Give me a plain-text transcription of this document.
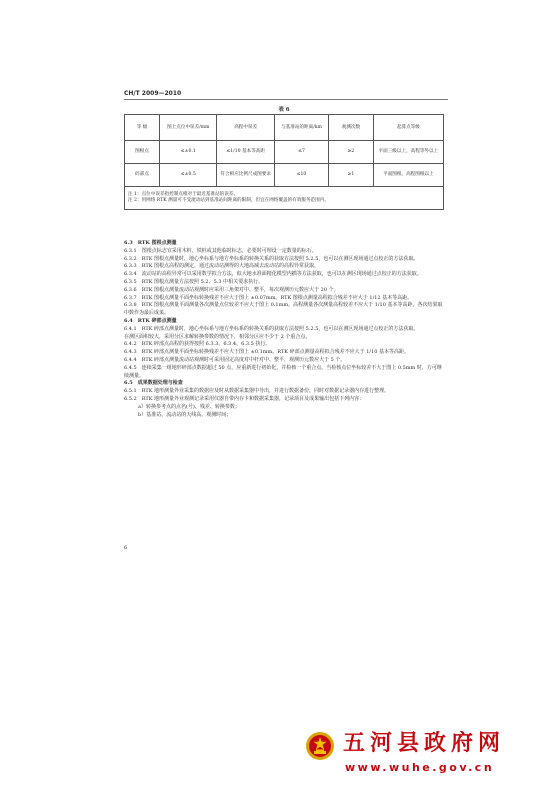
CH/T 2009—2010
表 6
等 级	图上点位中误差/mm	高程中误差	与基准站的距离/km	观测次数	起算点等级
图根点	≤±0.1	≤1/10 基本等高距	≤7	≥2	平面三级以上，高程等外以上
碎部点	≤±0.5	符合相应比例尺成图要求	≤10	≥1	平面图根、高程图根以上

注 1：点位中误差指控制点相对于最近基准站的误差。
注 2：用网络 RTK 测量可不受流动站到基准站间距离的限制，但宜在网络覆盖的有效服务范围内。					

6.3　RTK 图根点测量

6.3.1　图根点标志宜采用木桩、铁桩或其他临时标志，必要时可埋设一定数量的标石。

6.3.2　RTK 图根点测量时，地心坐标系与地方坐标系的转换关系的获取方法按照 5.2.5，也可以在测区现场通过点校正的方法获取。

6.3.3　RTK 图根点高程的测定，通过流动站测得的大地高减去流动站的高程异常获取。

6.3.4　流动站的高程异常可以采用数学拟合方法，似大地水准面精化模型内插等方法获取，也可以在测区现场通过点校正的方法获取。

6.3.5　RTK 图根点测量方法按照 5.2、5.3 中相关要求执行。

6.3.6　RTK 图根点测量流动站观测时应采用三角架对中、整平，每次观测历元数应大于 20 个。

6.3.7　RTK 图根点测量平面坐标转换残差不应大于图上 ±0.07mm。RTK 图根点测量高程拟合残差不应大于 1/12 基本等高距。

6.3.8　RTK 图根点测量平面测量各次测量点位较差不应大于图上 0.1mm，高程测量各次测量高程较差不应大于 1/10 基本等高距，各次结果取中数作为最后成果。

6.4　RTK 碎部点测量

6.4.1　RTK 碎部点测量时，地心坐标系与地方坐标系的转换关系的获取方法按照 5.2.5，也可以在测区现场通过点校正的方法获取。

在测区面积较大，采用分区求解转换参数的情况下，相邻分区应不少于 2 个重合点。

6.4.2　RTK 碎部点高程的获得按照 6.3.3、6.3.4、6.3.5 执行。

6.4.3　RTK 碎部点测量平面坐标转换残差不应大于图上 ±0.1mm。RTK 碎部点测量高程拟合残差不应大于 1/10 基本等高距。

6.4.4　RTK 碎部点测量流动站观测时可采用固定高度对中杆对中、整平，观测历元数应大于 5 个。

6.4.5　连续采集一组地形碎部点数据超过 50 点，应重新进行初始化，并检核一个重合点。当检核点位坐标较差不大于图上 0.5mm 时，方可继续测量。

6.5　成果数据处理与检查

6.5.1　RTK 地形测量外业采集的数据应及时从数据采集器中导出，并进行数据备份，同时对数据记录器内存进行整理。

6.5.2　RTK 地形测量外业观测记录采用仪器自带内存卡和数据采集器，记录项目及成果输出包括下列内容：

a）转换参考点的点名(号)、残差、转换参数；

b）基准站、流动站的天线高、观测时间；

6
五河县政府网
www.wuhe.gov.cn
